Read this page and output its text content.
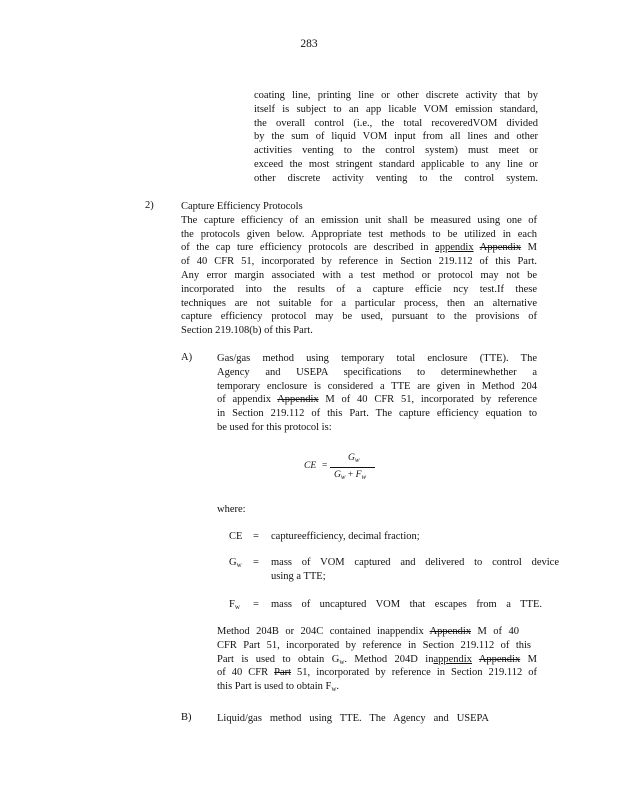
283
coating line, printing line or other discrete activity that by
itself is subject to an app licable VOM emission standard,
the overall control (i.e., the total recoveredVOM divided
by the sum of liquid VOM input from all lines and other
activities venting to the control system) must meet or
exceed the most stringent standard applicable to any line or
other discrete activity venting to the control system.
2)	Capture Efficiency Protocols
The capture efficiency of an emission unit shall be measured using one of
the protocols given below. Appropriate test methods to be utilized in each
of the cap ture efficiency protocols are described in appendix Appendix M
of 40 CFR 51, incorporated by reference in Section 219.112 of this Part.
Any error margin associated with a test method or protocol may not be
incorporated into the results of a capture efficie ncy test.If these
techniques are not suitable for a particular process, then an alternative
capture efficiency protocol may be used, pursuant to the provisions of
Section 219.108(b) of this Part.
A) Gas/gas method using temporary total enclosure (TTE). The
Agency and USEPA specifications to determinewhether a
temporary enclosure is considered a TTE are given in Method 204
of appendix Appendix M of 40 CFR 51, incorporated by reference
in Section 219.112 of this Part. The capture efficiency equation to
be used for this protocol is:
CE =
$G_w$
$G_w + F_w$
where:
CE = captureefficiency, decimal fraction;
$G_w$ = mass of VOM captured and delivered to control device
using a TTE;
$F_w$ = mass of uncaptured VOM that escapes from a TTE.
Method 204B or 204C contained inappendix Appendix M of 40
CFR Part 51, incorporated by reference in Section 219.112 of this
Part is used to obtain $G_w$. Method 204D inappendix Appendix M
of 40 CFR Part 51, incorporated by reference in Section 219.112 of
this Part is used to obtain $F_w$.
B) Liquid/gas method using TTE. The Agency and USEPA
